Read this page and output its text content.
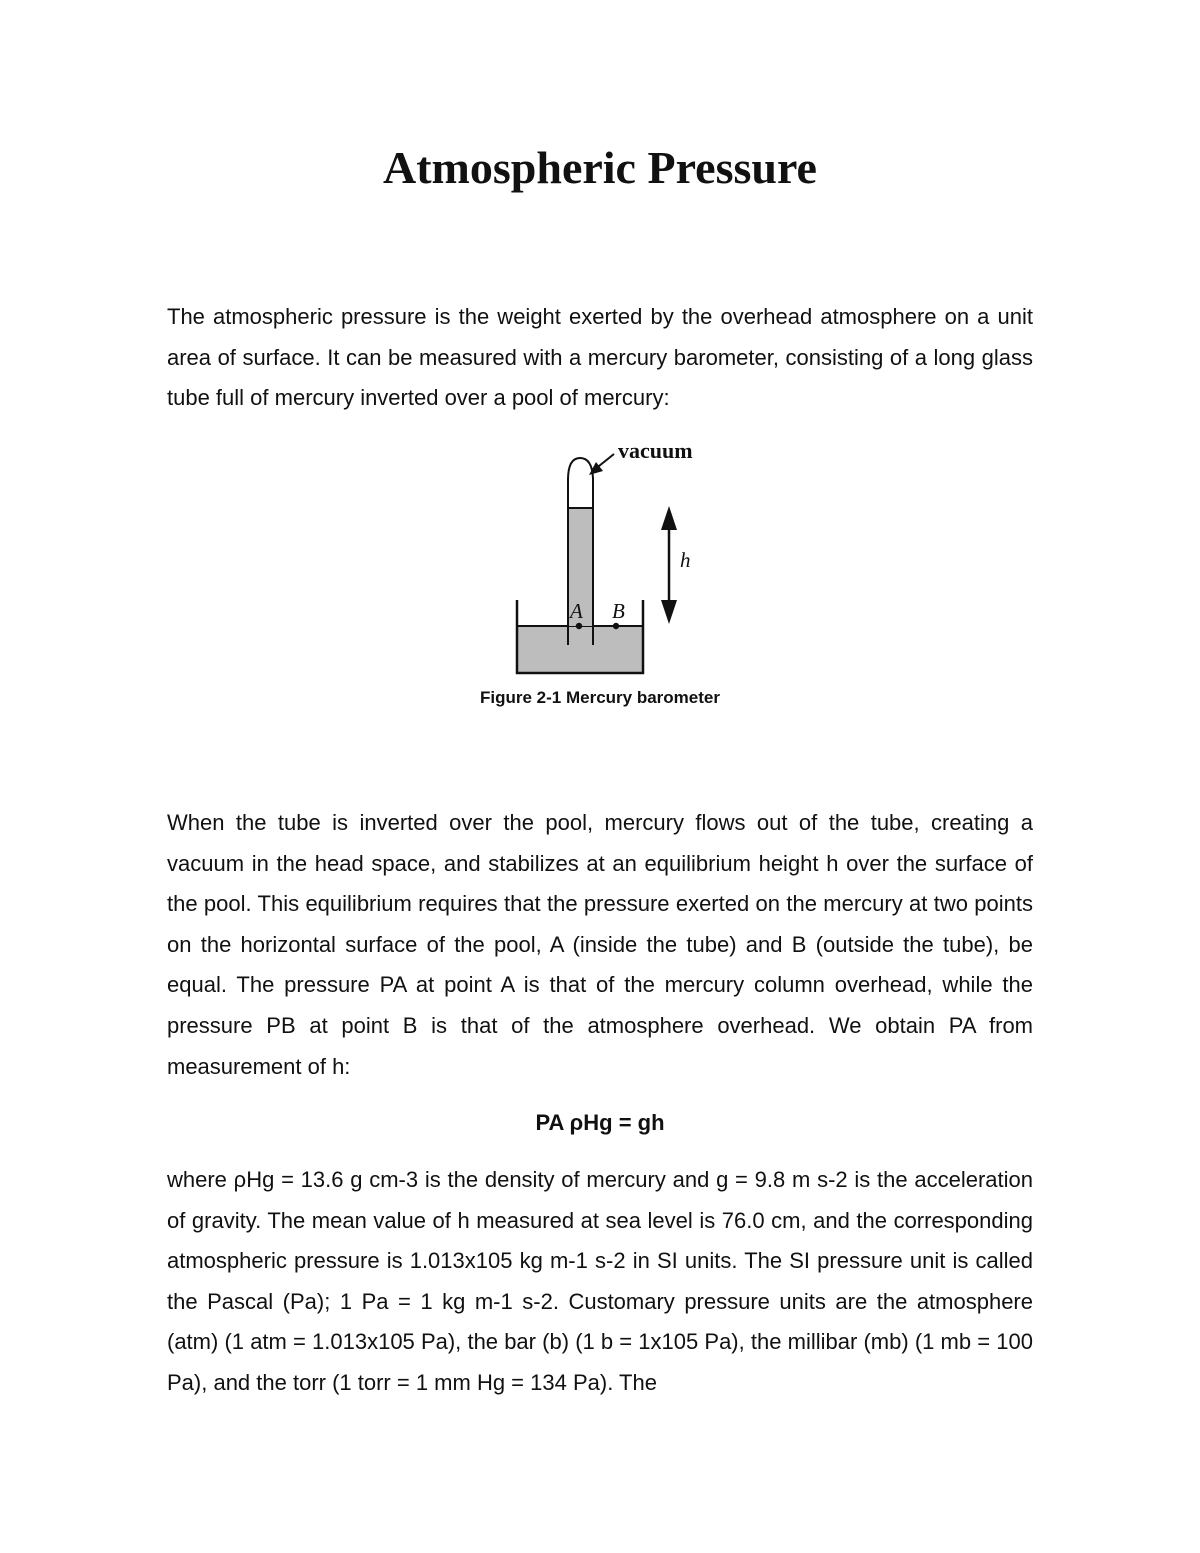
Atmospheric Pressure

The atmospheric pressure is the weight exerted by the overhead atmosphere on a unit area of surface. It can be measured with a mercury barometer, consisting of a long glass tube full of mercury inverted over a pool of mercury:

vacuum
h
A B
Figure 2-1 Mercury barometer

When the tube is inverted over the pool, mercury flows out of the tube, creating a vacuum in the head space, and stabilizes at an equilibrium height h over the surface of the pool. This equilibrium requires that the pressure exerted on the mercury at two points on the horizontal surface of the pool, A (inside the tube) and B (outside the tube), be equal. The pressure PA at point A is that of the mercury column overhead, while the pressure PB at point B is that of the atmosphere overhead. We obtain PA from measurement of h:

PA ρHg = gh

where ρHg = 13.6 g cm-3 is the density of mercury and g = 9.8 m s-2 is the acceleration of gravity. The mean value of h measured at sea level is 76.0 cm, and the corresponding atmospheric pressure is 1.013x105 kg m-1 s-2 in SI units. The SI pressure unit is called the Pascal (Pa); 1 Pa = 1 kg m-1 s-2. Customary pressure units are the atmosphere (atm) (1 atm = 1.013x105 Pa), the bar (b) (1 b = 1x105 Pa), the millibar (mb) (1 mb = 100 Pa), and the torr (1 torr = 1 mm Hg = 134 Pa). The
